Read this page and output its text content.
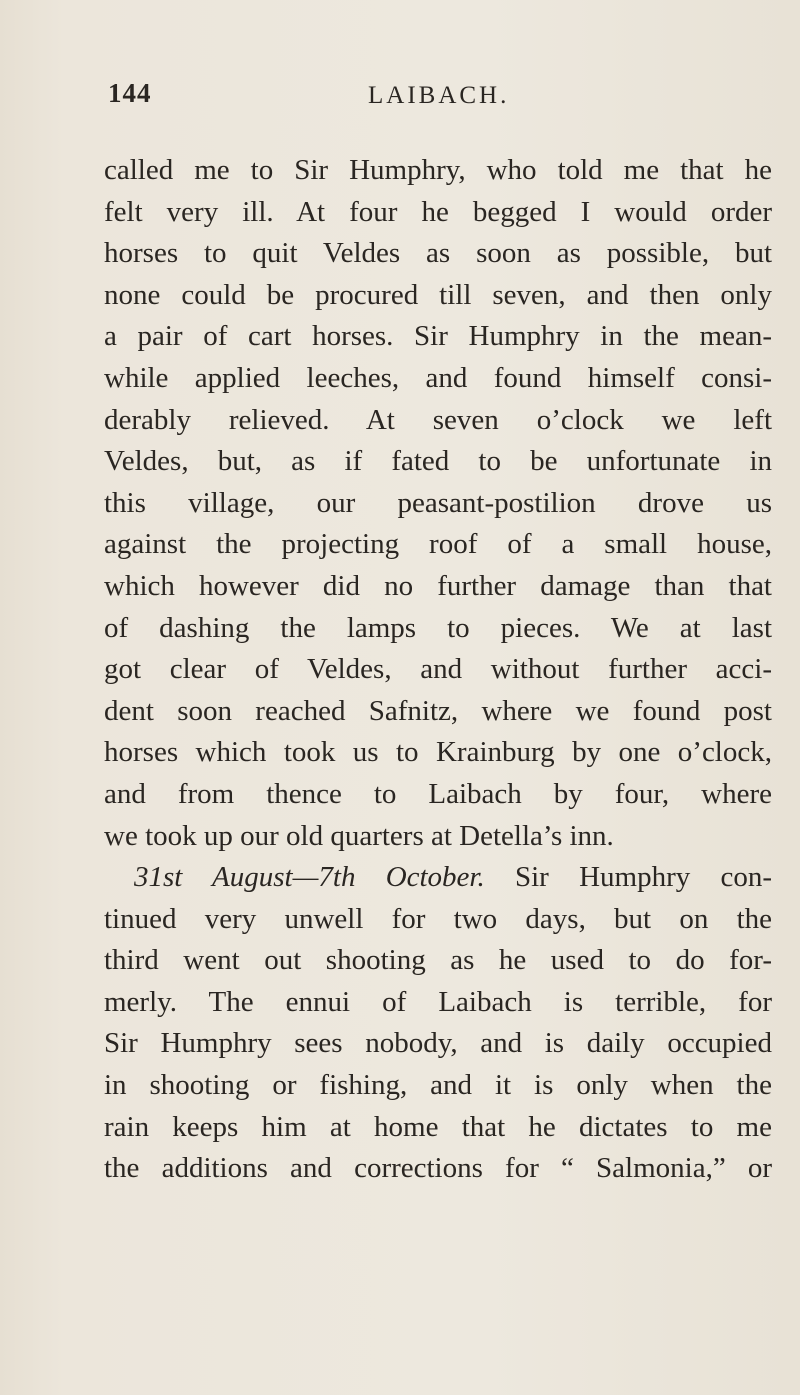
144	LAIBACH.
called me to Sir Humphry, who told me that he
felt very ill. At four he begged I would order
horses to quit Veldes as soon as possible, but
none could be procured till seven, and then only
a pair of cart horses. Sir Humphry in the mean-
while applied leeches, and found himself consi-
derably relieved. At seven o’clock we left
Veldes, but, as if fated to be unfortunate in
this village, our peasant-postilion drove us
against the projecting roof of a small house,
which however did no further damage than that
of dashing the lamps to pieces. We at last
got clear of Veldes, and without further acci-
dent soon reached Safnitz, where we found post
horses which took us to Krainburg by one o’clock,
and from thence to Laibach by four, where
we took up our old quarters at Detella’s inn.
31st August—7th October. Sir Humphry con-
tinued very unwell for two days, but on the
third went out shooting as he used to do for-
merly. The ennui of Laibach is terrible, for
Sir Humphry sees nobody, and is daily occupied
in shooting or fishing, and it is only when the
rain keeps him at home that he dictates to me
the additions and corrections for “ Salmonia,” or
